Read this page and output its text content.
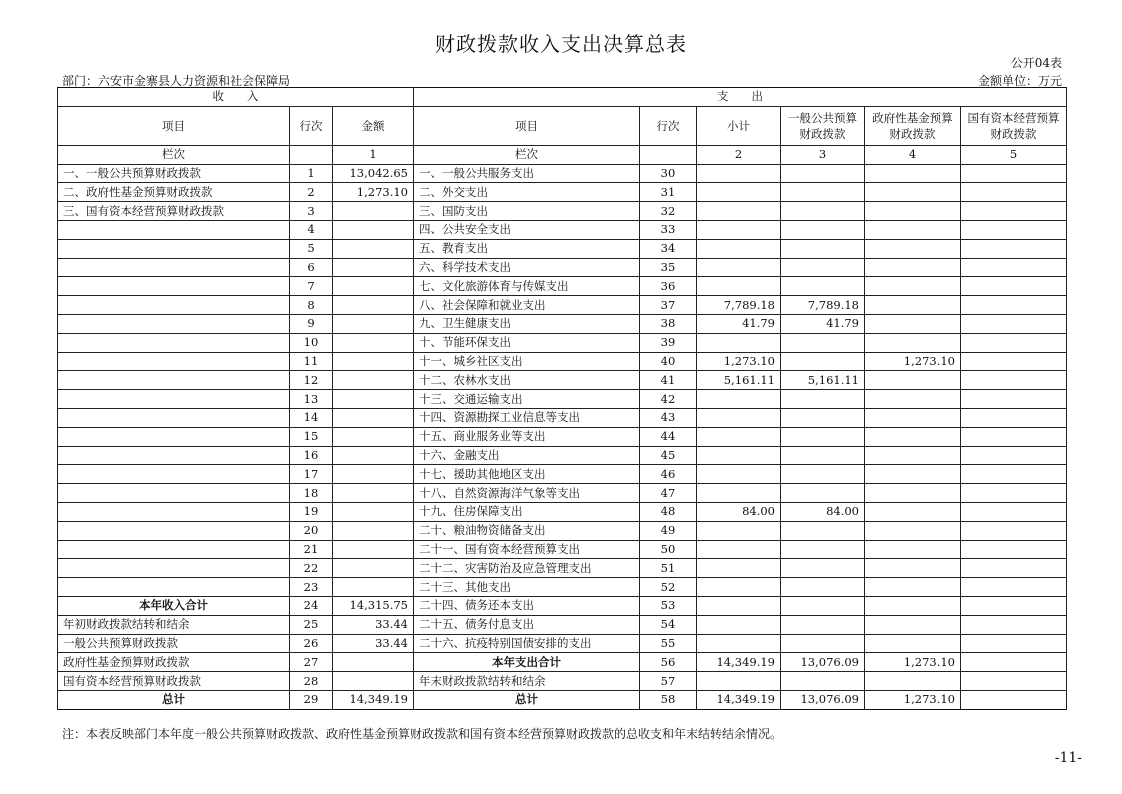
财政拨款收入支出决算总表
公开04表
部门：六安市金寨县人力资源和社会保障局	金额单位：万元
收　　入			支　　出					
项目	行次	金额	项目	行次	小计	一般公共预算财政拨款	政府性基金预算财政拨款	国有资本经营预算财政拨款
栏次		1	栏次		2	3	4	5
一、一般公共预算财政拨款	1	13,042.65	一、一般公共服务支出	30				
二、政府性基金预算财政拨款	2	1,273.10	二、外交支出	31				
三、国有资本经营预算财政拨款	3		三、国防支出	32				
	4		四、公共安全支出	33				
	5		五、教育支出	34				
	6		六、科学技术支出	35				
	7		七、文化旅游体育与传媒支出	36				
	8		八、社会保障和就业支出	37	7,789.18	7,789.18		
	9		九、卫生健康支出	38	41.79	41.79		
	10		十、节能环保支出	39				
	11		十一、城乡社区支出	40	1,273.10		1,273.10	
	12		十二、农林水支出	41	5,161.11	5,161.11		
	13		十三、交通运输支出	42				
	14		十四、资源勘探工业信息等支出	43				
	15		十五、商业服务业等支出	44				
	16		十六、金融支出	45				
	17		十七、援助其他地区支出	46				
	18		十八、自然资源海洋气象等支出	47				
	19		十九、住房保障支出	48	84.00	84.00		
	20		二十、粮油物资储备支出	49				
	21		二十一、国有资本经营预算支出	50				
	22		二十二、灾害防治及应急管理支出	51				
	23		二十三、其他支出	52				
本年收入合计	24	14,315.75	二十四、债务还本支出	53				
年初财政拨款结转和结余	25	33.44	二十五、债务付息支出	54				
一般公共预算财政拨款	26	33.44	二十六、抗疫特别国债安排的支出	55				
政府性基金预算财政拨款	27		本年支出合计	56	14,349.19	13,076.09	1,273.10	
国有资本经营预算财政拨款	28		年末财政拨款结转和结余	57				
总计	29	14,349.19	总计	58	14,349.19	13,076.09	1,273.10	
注：本表反映部门本年度一般公共预算财政拨款、政府性基金预算财政拨款和国有资本经营预算财政拨款的总收支和年末结转结余情况。
-11-
